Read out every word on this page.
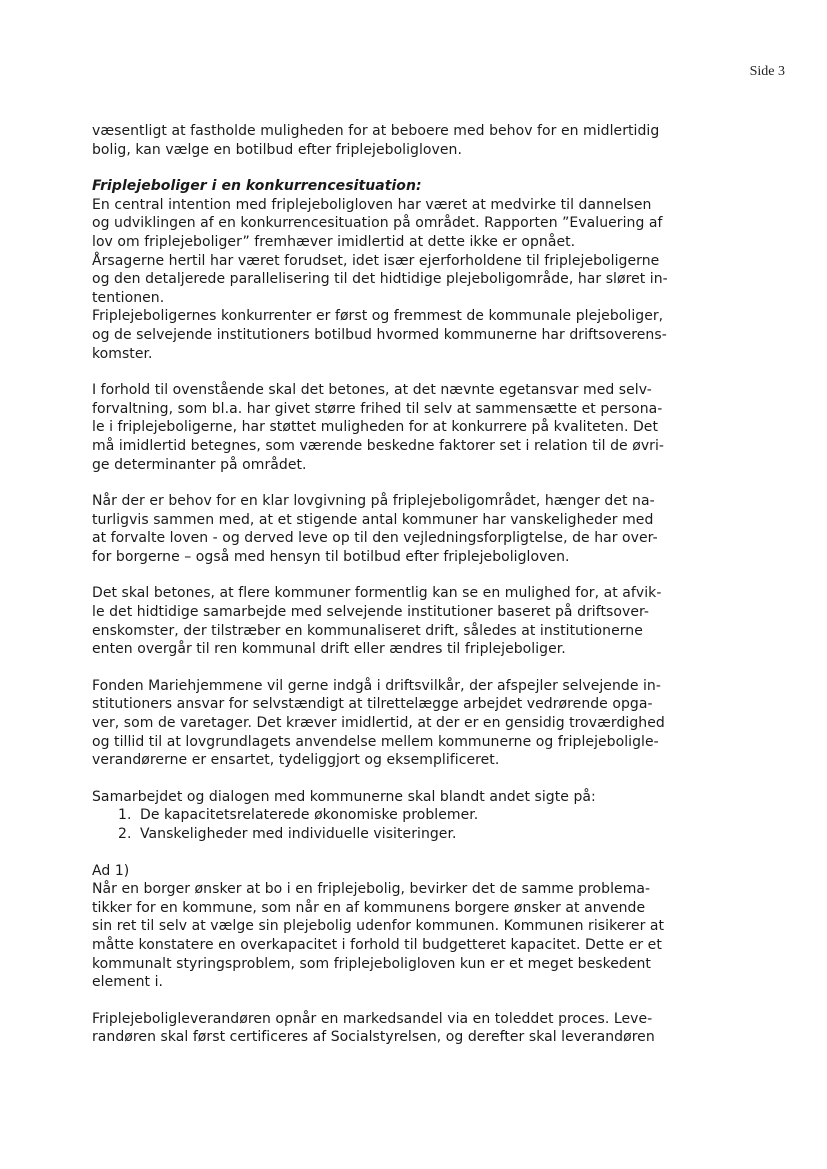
Side 3
væsentligt at fastholde muligheden for at beboere med behov for en midlertidig
bolig, kan vælge en botilbud efter friplejeboligloven.
Friplejeboliger i en konkurrencesituation:
En central intention med friplejeboligloven har været at medvirke til dannelsen
og udviklingen af en konkurrencesituation på området. Rapporten ”Evaluering af
lov om friplejeboliger” fremhæver imidlertid at dette ikke er opnået.
Årsagerne hertil har været forudset, idet især ejerforholdene til friplejeboligerne
og den detaljerede parallelisering til det hidtidige plejeboligområde, har sløret in-
tentionen.
Friplejeboligernes konkurrenter er først og fremmest de kommunale plejeboliger,
og de selvejende institutioners botilbud hvormed kommunerne har driftsoverens-
komster.
I forhold til ovenstående skal det betones, at det nævnte egetansvar med selv-
forvaltning, som bl.a. har givet større frihed til selv at sammensætte et persona-
le i friplejeboligerne, har støttet muligheden for at konkurrere på kvaliteten. Det
må imidlertid betegnes, som værende beskedne faktorer set i relation til de øvri-
ge determinanter på området.
Når der er behov for en klar lovgivning på friplejeboligområdet, hænger det na-
turligvis sammen med, at et stigende antal kommuner har vanskeligheder med
at forvalte loven - og derved leve op til den vejledningsforpligtelse, de har over-
for borgerne – også med hensyn til botilbud efter friplejeboligloven.
Det skal betones, at flere kommuner formentlig kan se en mulighed for, at afvik-
le det hidtidige samarbejde med selvejende institutioner baseret på driftsover-
enskomster, der tilstræber en kommunaliseret drift, således at institutionerne
enten overgår til ren kommunal drift eller ændres til friplejeboliger.
Fonden Mariehjemmene vil gerne indgå i driftsvilkår, der afspejler selvejende in-
stitutioners ansvar for selvstændigt at tilrettelægge arbejdet vedrørende opga-
ver, som de varetager. Det kræver imidlertid, at der er en gensidig troværdighed
og tillid til at lovgrundlagets anvendelse mellem kommunerne og friplejeboligle-
verandørerne er ensartet, tydeliggjort og eksemplificeret.
Samarbejdet og dialogen med kommunerne skal blandt andet sigte på:
1. De kapacitetsrelaterede økonomiske problemer.
2. Vanskeligheder med individuelle visiteringer.
Ad 1)
Når en borger ønsker at bo i en friplejebolig, bevirker det de samme problema-
tikker for en kommune, som når en af kommunens borgere ønsker at anvende
sin ret til selv at vælge sin plejebolig udenfor kommunen. Kommunen risikerer at
måtte konstatere en overkapacitet i forhold til budgetteret kapacitet. Dette er et
kommunalt styringsproblem, som friplejeboligloven kun er et meget beskedent
element i.
Friplejeboligleverandøren opnår en markedsandel via en toleddet proces. Leve-
randøren skal først certificeres af Socialstyrelsen, og derefter skal leverandøren
